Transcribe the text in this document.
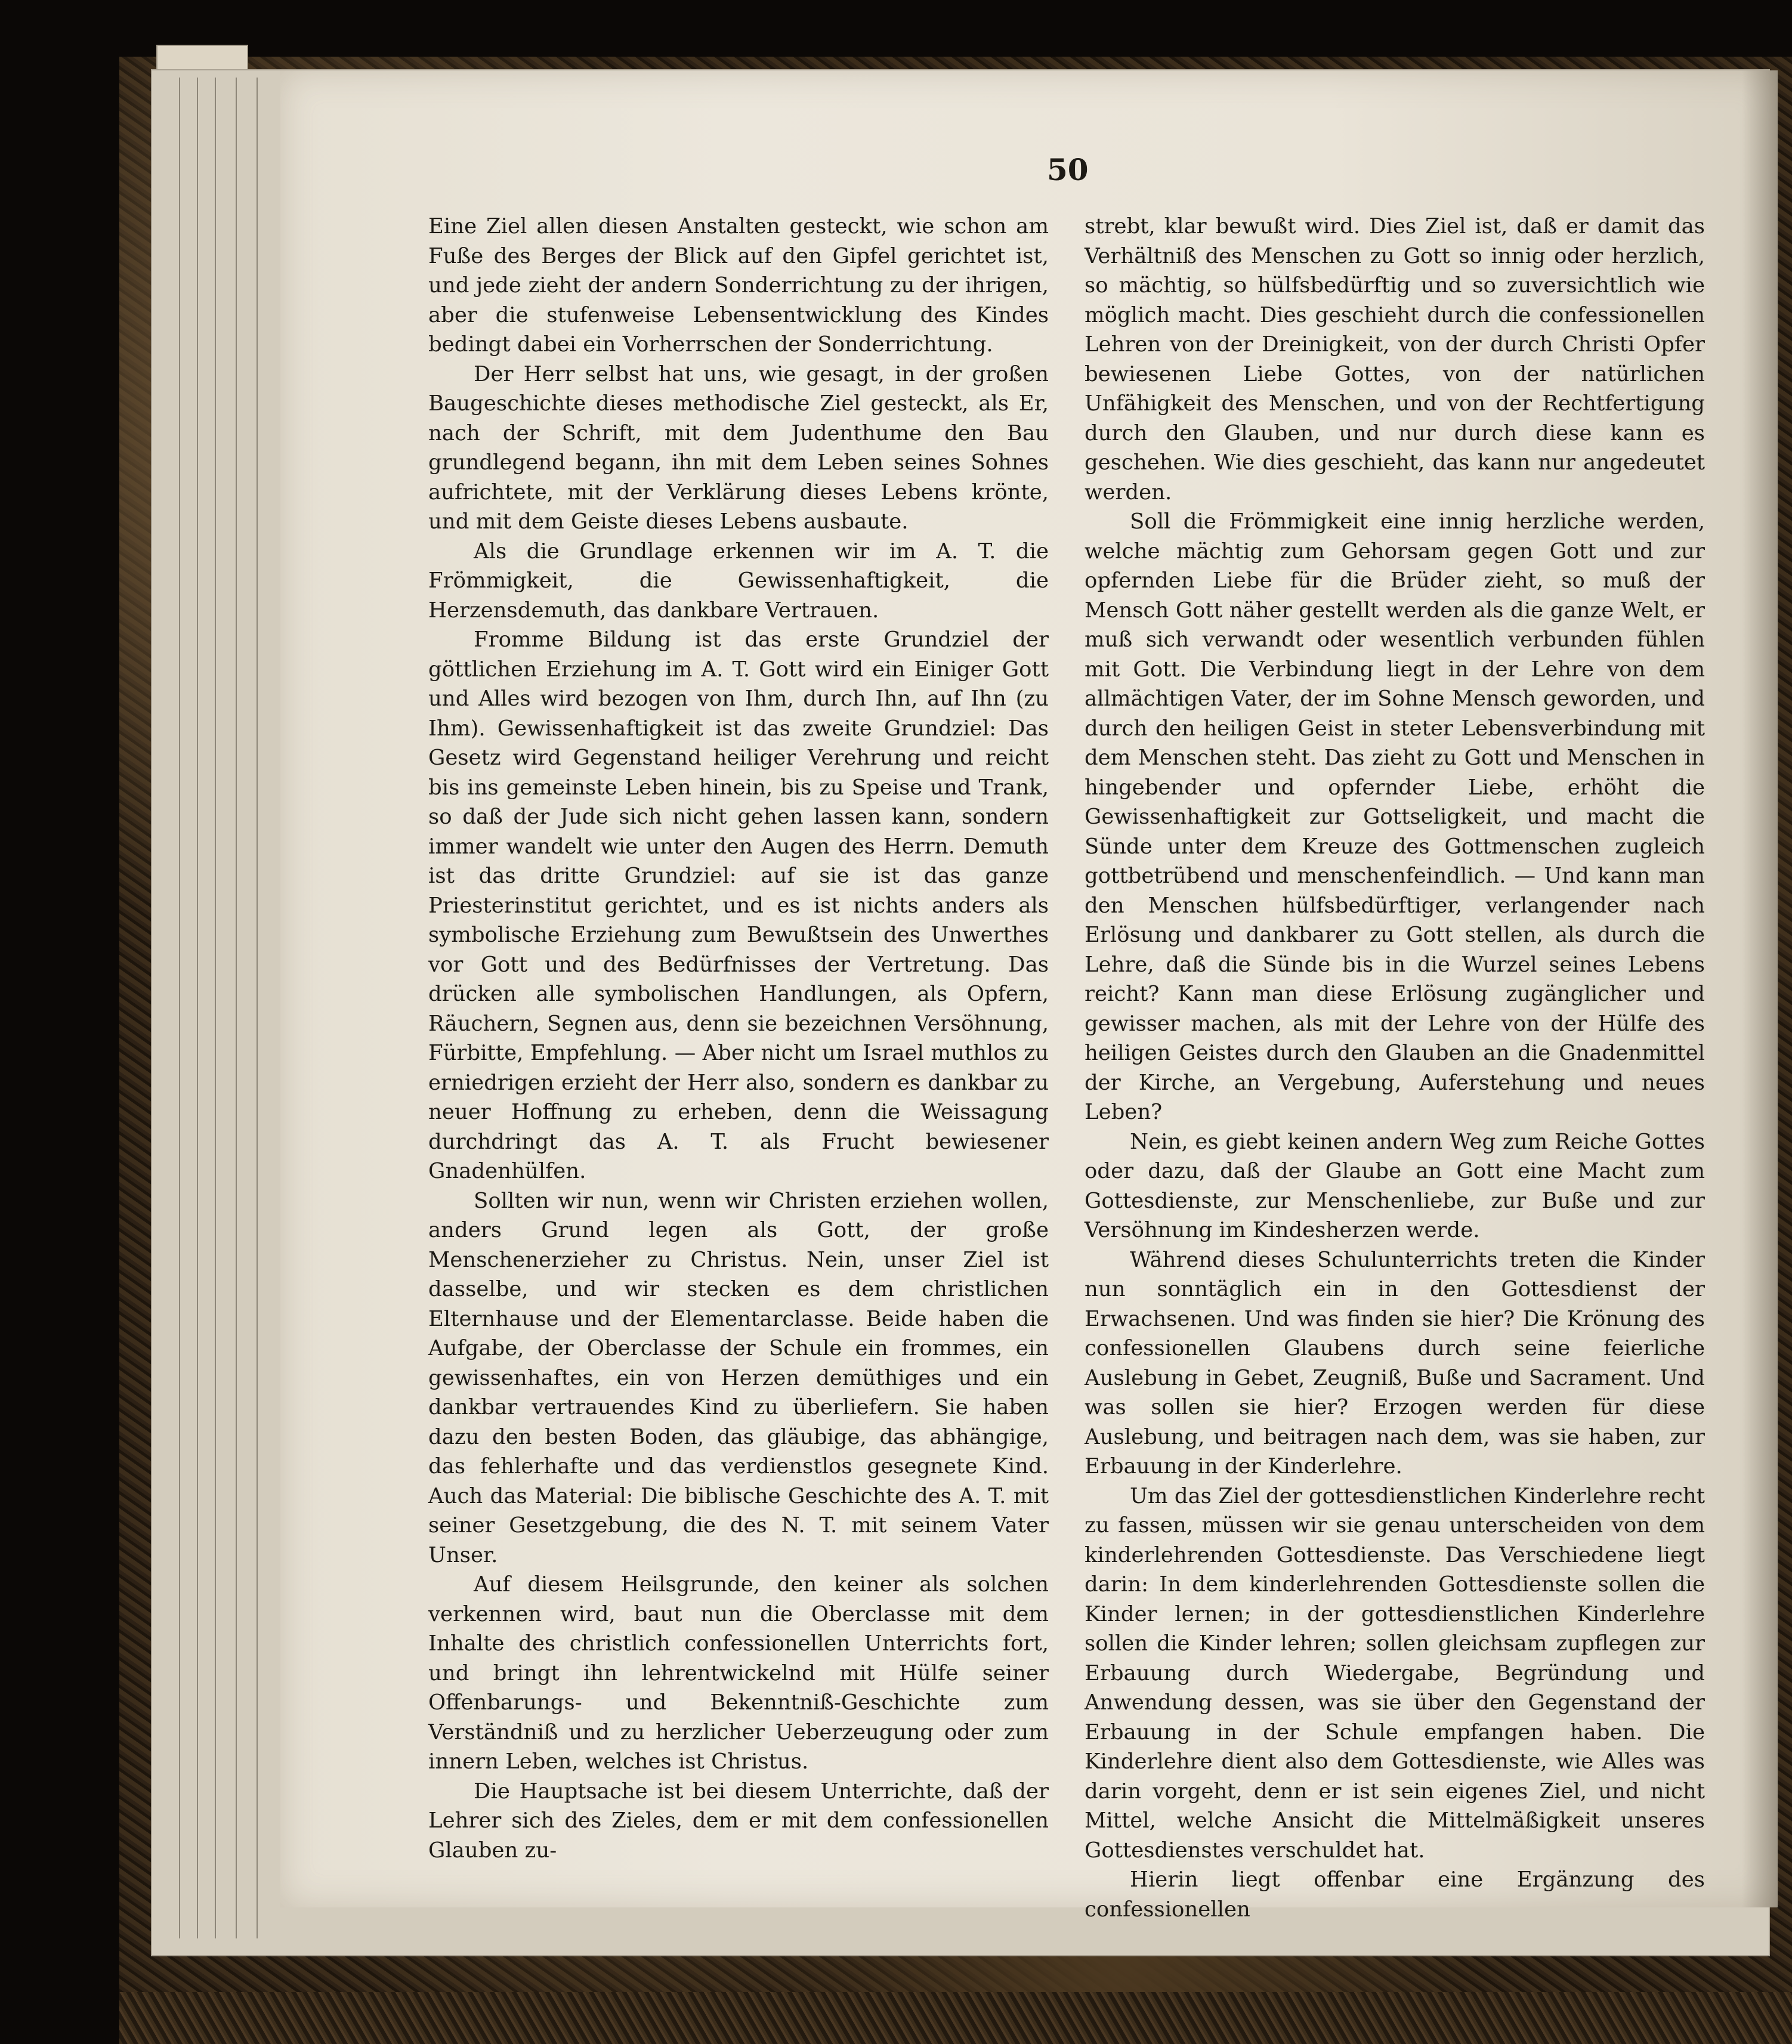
50

Eine Ziel allen diesen Anstalten gesteckt, wie schon am Fuße des Berges der Blick auf den Gipfel gerichtet ist, und jede zieht der andern Sonderrichtung zu der ihrigen, aber die stufenweise Lebensentwicklung des Kindes bedingt dabei ein Vorherrschen der Sonderrichtung.

Der Herr selbst hat uns, wie gesagt, in der großen Baugeschichte dieses methodische Ziel gesteckt, als Er, nach der Schrift, mit dem Judenthume den Bau grundlegend begann, ihn mit dem Leben seines Sohnes aufrichtete, mit der Verklärung dieses Lebens krönte, und mit dem Geiste dieses Lebens ausbaute.

Als die Grundlage erkennen wir im A. T. die Frömmigkeit, die Gewissenhaftigkeit, die Herzensdemuth, das dankbare Vertrauen.

Fromme Bildung ist das erste Grundziel der göttlichen Erziehung im A. T. Gott wird ein Einiger Gott und Alles wird bezogen von Ihm, durch Ihn, auf Ihn (zu Ihm). Gewissenhaftigkeit ist das zweite Grundziel: Das Gesetz wird Gegenstand heiliger Verehrung und reicht bis ins gemeinste Leben hinein, bis zu Speise und Trank, so daß der Jude sich nicht gehen lassen kann, sondern immer wandelt wie unter den Augen des Herrn. Demuth ist das dritte Grundziel: auf sie ist das ganze Priesterinstitut gerichtet, und es ist nichts anders als symbolische Erziehung zum Bewußtsein des Unwerthes vor Gott und des Bedürfnisses der Vertretung. Das drücken alle symbolischen Handlungen, als Opfern, Räuchern, Segnen aus, denn sie bezeichnen Versöhnung, Fürbitte, Empfehlung. — Aber nicht um Israel muthlos zu erniedrigen erzieht der Herr also, sondern es dankbar zu neuer Hoffnung zu erheben, denn die Weissagung durchdringt das A. T. als Frucht bewiesener Gnadenhülfen.

Sollten wir nun, wenn wir Christen erziehen wollen, anders Grund legen als Gott, der große Menschenerzieher zu Christus. Nein, unser Ziel ist dasselbe, und wir stecken es dem christlichen Elternhause und der Elementarclasse. Beide haben die Aufgabe, der Oberclasse der Schule ein frommes, ein gewissenhaftes, ein von Herzen demüthiges und ein dankbar vertrauendes Kind zu überliefern. Sie haben dazu den besten Boden, das gläubige, das abhängige, das fehlerhafte und das verdienstlos gesegnete Kind. Auch das Material: Die biblische Geschichte des A. T. mit seiner Gesetzgebung, die des N. T. mit seinem Vater Unser.

Auf diesem Heilsgrunde, den keiner als solchen verkennen wird, baut nun die Oberclasse mit dem Inhalte des christlich confessionellen Unterrichts fort, und bringt ihn lehrentwickelnd mit Hülfe seiner Offenbarungs- und Bekenntniß-Geschichte zum Verständniß und zu herzlicher Ueberzeugung oder zum innern Leben, welches ist Christus.

Die Hauptsache ist bei diesem Unterrichte, daß der Lehrer sich des Zieles, dem er mit dem confessionellen Glauben zu-

strebt, klar bewußt wird. Dies Ziel ist, daß er damit das Verhältniß des Menschen zu Gott so innig oder herzlich, so mächtig, so hülfsbedürftig und so zuversichtlich wie möglich macht. Dies geschieht durch die confessionellen Lehren von der Dreinigkeit, von der durch Christi Opfer bewiesenen Liebe Gottes, von der natürlichen Unfähigkeit des Menschen, und von der Rechtfertigung durch den Glauben, und nur durch diese kann es geschehen. Wie dies geschieht, das kann nur angedeutet werden.

Soll die Frömmigkeit eine innig herzliche werden, welche mächtig zum Gehorsam gegen Gott und zur opfernden Liebe für die Brüder zieht, so muß der Mensch Gott näher gestellt werden als die ganze Welt, er muß sich verwandt oder wesentlich verbunden fühlen mit Gott. Die Verbindung liegt in der Lehre von dem allmächtigen Vater, der im Sohne Mensch geworden, und durch den heiligen Geist in steter Lebensverbindung mit dem Menschen steht. Das zieht zu Gott und Menschen in hingebender und opfernder Liebe, erhöht die Gewissenhaftigkeit zur Gottseligkeit, und macht die Sünde unter dem Kreuze des Gottmenschen zugleich gottbetrübend und menschenfeindlich. — Und kann man den Menschen hülfsbedürftiger, verlangender nach Erlösung und dankbarer zu Gott stellen, als durch die Lehre, daß die Sünde bis in die Wurzel seines Lebens reicht? Kann man diese Erlösung zugänglicher und gewisser machen, als mit der Lehre von der Hülfe des heiligen Geistes durch den Glauben an die Gnadenmittel der Kirche, an Vergebung, Auferstehung und neues Leben?

Nein, es giebt keinen andern Weg zum Reiche Gottes oder dazu, daß der Glaube an Gott eine Macht zum Gottesdienste, zur Menschenliebe, zur Buße und zur Versöhnung im Kindesherzen werde.

Während dieses Schulunterrichts treten die Kinder nun sonntäglich ein in den Gottesdienst der Erwachsenen. Und was finden sie hier? Die Krönung des confessionellen Glaubens durch seine feierliche Auslebung in Gebet, Zeugniß, Buße und Sacrament. Und was sollen sie hier? Erzogen werden für diese Auslebung, und beitragen nach dem, was sie haben, zur Erbauung in der Kinderlehre.

Um das Ziel der gottesdienstlichen Kinderlehre recht zu fassen, müssen wir sie genau unterscheiden von dem kinderlehrenden Gottesdienste. Das Verschiedene liegt darin: In dem kinderlehrenden Gottesdienste sollen die Kinder lernen; in der gottesdienstlichen Kinderlehre sollen die Kinder lehren; sollen gleichsam zupflegen zur Erbauung durch Wiedergabe, Begründung und Anwendung dessen, was sie über den Gegenstand der Erbauung in der Schule empfangen haben. Die Kinderlehre dient also dem Gottesdienste, wie Alles was darin vorgeht, denn er ist sein eigenes Ziel, und nicht Mittel, welche Ansicht die Mittelmäßigkeit unseres Gottesdienstes verschuldet hat.

Hierin liegt offenbar eine Ergänzung des confessionellen
